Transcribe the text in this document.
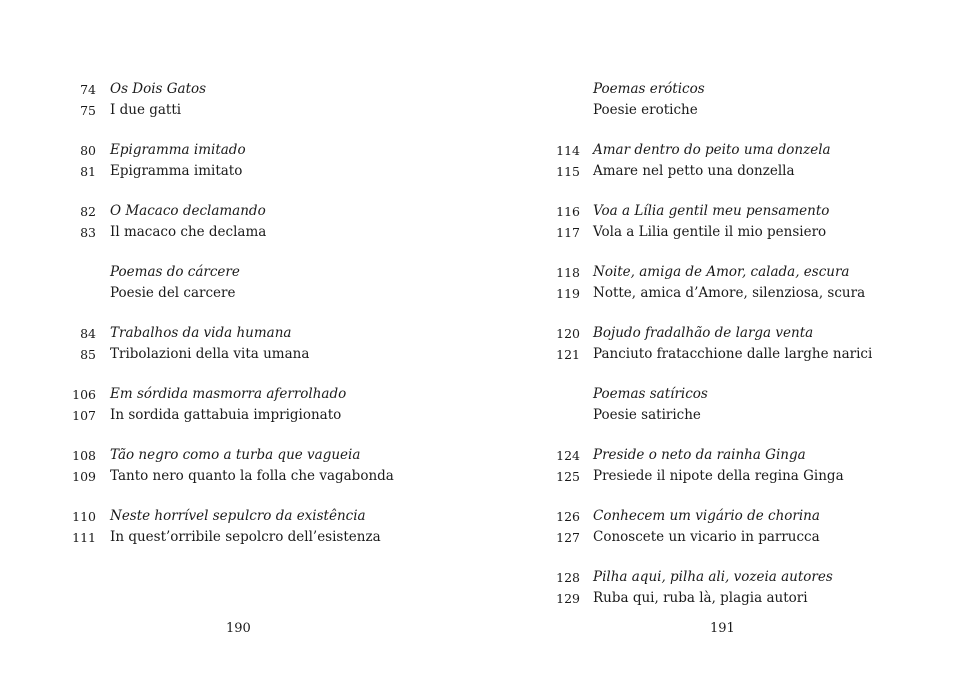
74 Os Dois Gatos
75 I due gatti
80 Epigramma imitado
81 Epigramma imitato
82 O Macaco declamando
83 Il macaco che declama
Poemas do cárcere
Poesie del carcere
84 Trabalhos da vida humana
85 Tribolazioni della vita umana
106 Em sórdida masmorra aferrolhado
107 In sordida gattabuia imprigionato
108 Tão negro como a turba que vagueia
109 Tanto nero quanto la folla che vagabonda
110 Neste horrível sepulcro da existência
111 In quest’orribile sepolcro dell’esistenza
190
Poemas eróticos
Poesie erotiche
114 Amar dentro do peito uma donzela
115 Amare nel petto una donzella
116 Voa a Lília gentil meu pensamento
117 Vola a Lilia gentile il mio pensiero
118 Noite, amiga de Amor, calada, escura
119 Notte, amica d’Amore, silenziosa, scura
120 Bojudo fradalhão de larga venta
121 Panciuto fratacchione dalle larghe narici
Poemas satíricos
Poesie satiriche
124 Preside o neto da rainha Ginga
125 Presiede il nipote della regina Ginga
126 Conhecem um vigário de chorina
127 Conoscete un vicario in parrucca
128 Pilha aqui, pilha ali, vozeia autores
129 Ruba qui, ruba là, plagia autori
191
